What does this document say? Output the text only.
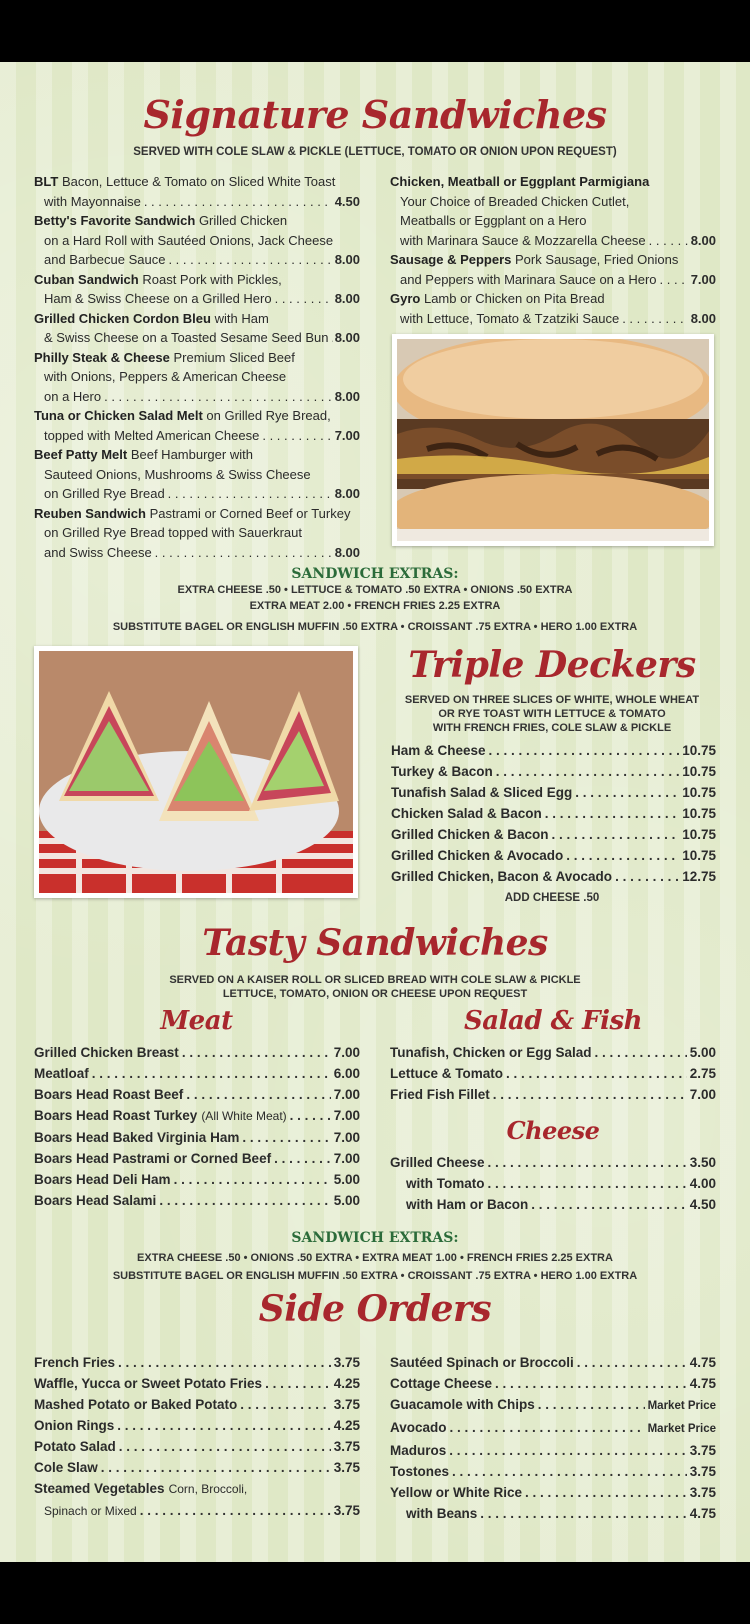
Signature Sandwiches
SERVED WITH COLE SLAW & PICKLE (LETTUCE, TOMATO OR ONION UPON REQUEST)
BLT Bacon, Lettuce & Tomato on Sliced White Toast
with Mayonnaise . . .	4.50
Betty's Favorite Sandwich Grilled Chicken
on a Hard Roll with Sautéed Onions, Jack Cheese
and Barbecue Sauce . . .	8.00
Cuban Sandwich Roast Pork with Pickles,
Ham & Swiss Cheese on a Grilled Hero . . .	8.00
Grilled Chicken Cordon Bleu with Ham
& Swiss Cheese on a Toasted Sesame Seed Bun . . . 8.00
Philly Steak & Cheese Premium Sliced Beef
with Onions, Peppers & American Cheese
on a Hero . . .	8.00
Tuna or Chicken Salad Melt on Grilled Rye Bread,
topped with Melted American Cheese . . .	7.00
Beef Patty Melt Beef Hamburger with
Sauteed Onions, Mushrooms & Swiss Cheese
on Grilled Rye Bread . . .	8.00
Reuben Sandwich Pastrami or Corned Beef or Turkey
on Grilled Rye Bread topped with Sauerkraut
and Swiss Cheese . . .	8.00
Chicken, Meatball or Eggplant Parmigiana
Your Choice of Breaded Chicken Cutlet,
Meatballs or Eggplant on a Hero
with Marinara Sauce & Mozzarella Cheese . . .	8.00
Sausage & Peppers Pork Sausage, Fried Onions
and Peppers with Marinara Sauce on a Hero . . .	7.00
Gyro Lamb or Chicken on Pita Bread
with Lettuce, Tomato & Tzatziki Sauce . . .	8.00
SANDWICH EXTRAS:
EXTRA CHEESE .50 • LETTUCE & TOMATO .50 EXTRA • ONIONS .50 EXTRA
EXTRA MEAT 2.00 • FRENCH FRIES 2.25 EXTRA
SUBSTITUTE BAGEL OR ENGLISH MUFFIN .50 EXTRA • CROISSANT .75 EXTRA • HERO 1.00 EXTRA
Triple Deckers
SERVED ON THREE SLICES OF WHITE, WHOLE WHEAT
OR RYE TOAST WITH LETTUCE & TOMATO
WITH FRENCH FRIES, COLE SLAW & PICKLE
Ham & Cheese . . .	10.75
Turkey & Bacon . . .	10.75
Tunafish Salad & Sliced Egg . . .	10.75
Chicken Salad & Bacon . . .	10.75
Grilled Chicken & Bacon . . .	10.75
Grilled Chicken & Avocado . . .	10.75
Grilled Chicken, Bacon & Avocado . . .	12.75
ADD CHEESE .50
Tasty Sandwiches
SERVED ON A KAISER ROLL OR SLICED BREAD WITH COLE SLAW & PICKLE
LETTUCE, TOMATO, ONION OR CHEESE UPON REQUEST
Meat
Grilled Chicken Breast . . .	7.00
Meatloaf . . .	6.00
Boars Head Roast Beef . . .	7.00
Boars Head Roast Turkey (All White Meat) . . .	7.00
Boars Head Baked Virginia Ham . . .	7.00
Boars Head Pastrami or Corned Beef . . .	7.00
Boars Head Deli Ham . . .	5.00
Boars Head Salami . . .	5.00
Salad & Fish
Tunafish, Chicken or Egg Salad . . .	5.00
Lettuce & Tomato . . .	2.75
Fried Fish Fillet . . .	7.00
Cheese
Grilled Cheese . . .	3.50
with Tomato . . .	4.00
with Ham or Bacon . . .	4.50
SANDWICH EXTRAS:
EXTRA CHEESE .50 • ONIONS .50 EXTRA • EXTRA MEAT 1.00 • FRENCH FRIES 2.25 EXTRA
SUBSTITUTE BAGEL OR ENGLISH MUFFIN .50 EXTRA • CROISSANT .75 EXTRA • HERO 1.00 EXTRA
Side Orders
French Fries . . .	3.75
Waffle, Yucca or Sweet Potato Fries . . .	4.25
Mashed Potato or Baked Potato . . .	3.75
Onion Rings . . .	4.25
Potato Salad . . .	3.75
Cole Slaw . . .	3.75
Steamed Vegetables Corn, Broccoli,
Spinach or Mixed . . .	3.75
Sautéed Spinach or Broccoli . . .	4.75
Cottage Cheese . . .	4.75
Guacamole with Chips . . .	Market Price
Avocado . . .	Market Price
Maduros . . .	3.75
Tostones . . .	3.75
Yellow or White Rice . . .	3.75
with Beans . . .	4.75
